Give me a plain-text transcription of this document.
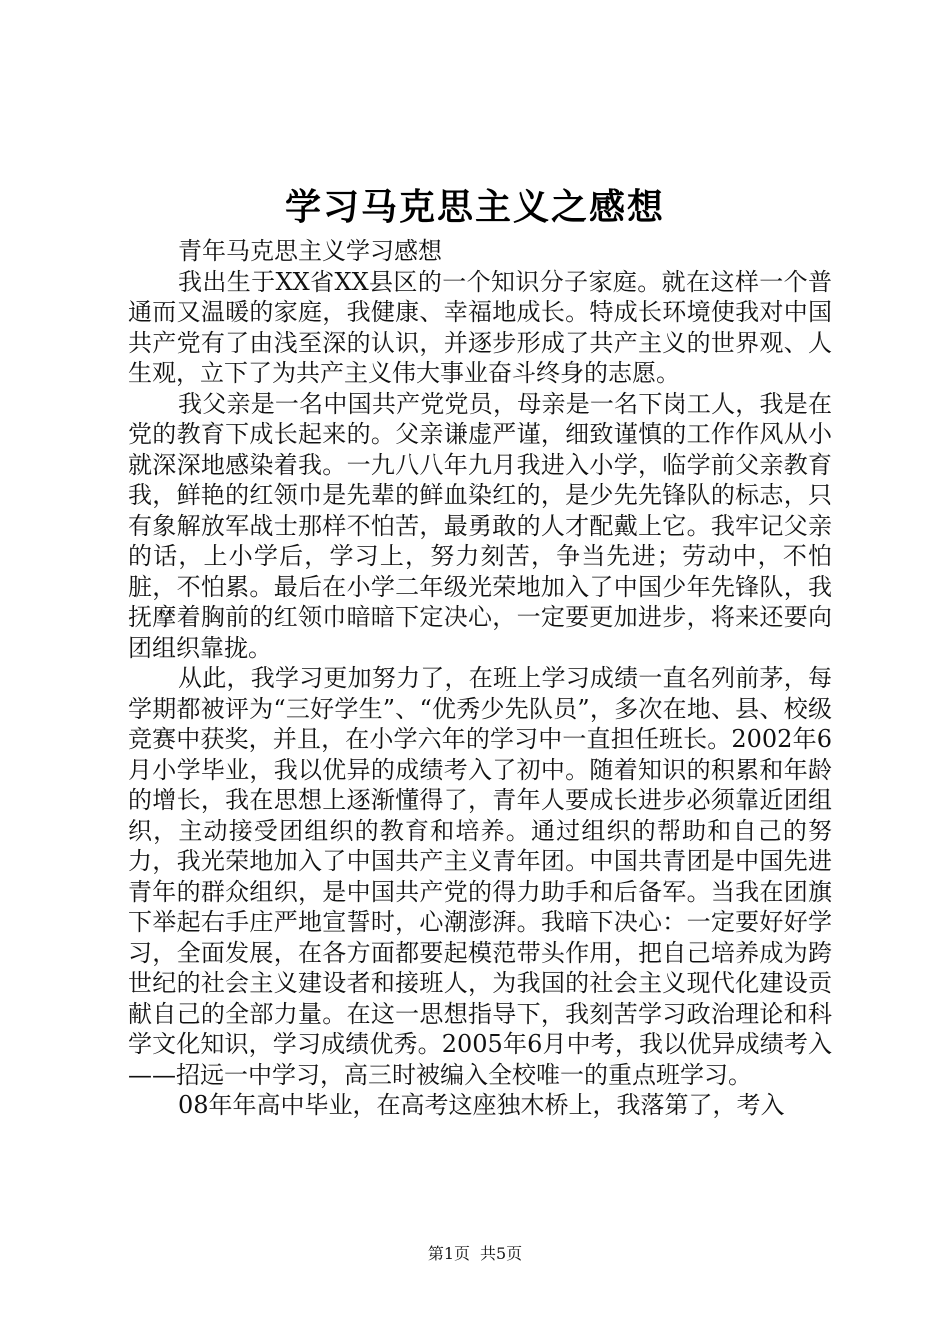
学习马克思主义之感想

青年马克思主义学习感想

我出生于XX省XX县区的一个知识分子家庭。就在这样一个普通而又温暖的家庭，我健康、幸福地成长。特成长环境使我对中国共产党有了由浅至深的认识，并逐步形成了共产主义的世界观、人生观，立下了为共产主义伟大事业奋斗终身的志愿。

我父亲是一名中国共产党党员，母亲是一名下岗工人，我是在党的教育下成长起来的。父亲谦虚严谨，细致谨慎的工作作风从小就深深地感染着我。一九八八年九月我进入小学，临学前父亲教育我，鲜艳的红领巾是先辈的鲜血染红的，是少先先锋队的标志，只有象解放军战士那样不怕苦，最勇敢的人才配戴上它。我牢记父亲的话，上小学后，学习上，努力刻苦，争当先进；劳动中，不怕脏，不怕累。最后在小学二年级光荣地加入了中国少年先锋队，我抚摩着胸前的红领巾暗暗下定决心，一定要更加进步，将来还要向团组织靠拢。

从此，我学习更加努力了，在班上学习成绩一直名列前茅，每学期都被评为“三好学生”、“优秀少先队员”，多次在地、县、校级竞赛中获奖，并且，在小学六年的学习中一直担任班长。2002年6月小学毕业，我以优异的成绩考入了初中。随着知识的积累和年龄的增长，我在思想上逐渐懂得了，青年人要成长进步必须靠近团组织，主动接受团组织的教育和培养。通过组织的帮助和自己的努力，我光荣地加入了中国共产主义青年团。中国共青团是中国先进青年的群众组织，是中国共产党的得力助手和后备军。当我在团旗下举起右手庄严地宣誓时，心潮澎湃。我暗下决心：一定要好好学习，全面发展，在各方面都要起模范带头作用，把自己培养成为跨世纪的社会主义建设者和接班人，为我国的社会主义现代化建设贡献自己的全部力量。在这一思想指导下，我刻苦学习政治理论和科学文化知识，学习成绩优秀。2005年6月中考，我以优异成绩考入——招远一中学习，高三时被编入全校唯一的重点班学习。

08年年高中毕业，在高考这座独木桥上，我落第了，考入

第1页 共5页
